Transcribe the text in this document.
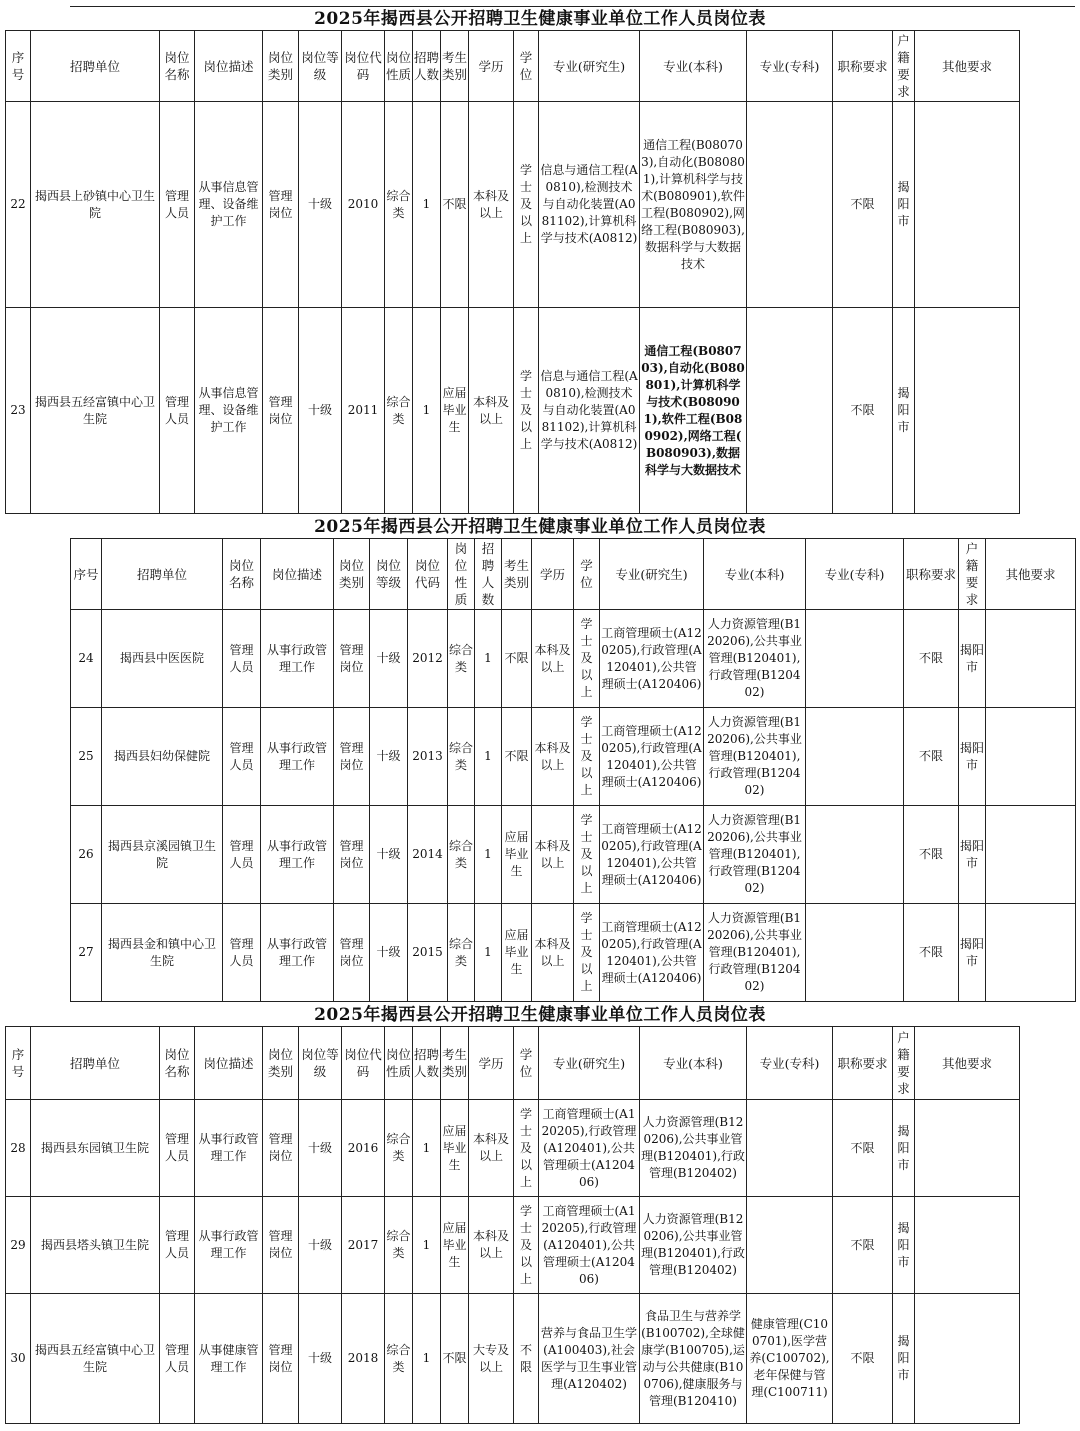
2025年揭西县公开招聘卫生健康事业单位工作人员岗位表
序号	招聘单位	岗位名称	岗位描述	岗位类别	岗位等级	岗位代码	岗位性质	招聘人数	考生类别	学历	学位	专业(研究生)	专业(本科)	专业(专科)	职称要求	户籍要求	其他要求
22	揭西县上砂镇中心卫生院	管理人员	从事信息管理、设备维护工作	管理岗位	十级	2010	综合类	1	不限	本科及以上	学士及以上	信息与通信工程(A0810),检测技术与自动化装置(A081102),计算机科学与技术(A0812)	通信工程(B080703),自动化(B080801),计算机科学与技术(B080901),软件工程(B080902),网络工程(B080903),数据科学与大数据技术		不限	揭阳市	
23	揭西县五经富镇中心卫生院	管理人员	从事信息管理、设备维护工作	管理岗位	十级	2011	综合类	1	应届毕业生	本科及以上	学士及以上	信息与通信工程(A0810),检测技术与自动化装置(A081102),计算机科学与技术(A0812)	通信工程(B080703),自动化(B080801),计算机科学与技术(B080901),软件工程(B080902),网络工程( B080903),数据科学与大数据技术		不限	揭阳市	
2025年揭西县公开招聘卫生健康事业单位工作人员岗位表
序号	招聘单位	岗位名称	岗位描述	岗位类别	岗位等级	岗位代码	岗位性质	招聘人数	考生类别	学历	学位	专业(研究生)	专业(本科)	专业(专科)	职称要求	户籍要求	其他要求
24	揭西县中医医院	管理人员	从事行政管理工作	管理岗位	十级	2012	综合类	1	不限	本科及以上	学士及以上	工商管理硕士(A120205),行政管理(A120401),公共管理硕士(A120406)	人力资源管理(B120206),公共事业管理(B120401),行政管理(B120402)		不限	揭阳市	
25	揭西县妇幼保健院	管理人员	从事行政管理工作	管理岗位	十级	2013	综合类	1	不限	本科及以上	学士及以上	工商管理硕士(A120205),行政管理(A120401),公共管理硕士(A120406)	人力资源管理(B120206),公共事业管理(B120401),行政管理(B120402)		不限	揭阳市	
26	揭西县京溪园镇卫生院	管理人员	从事行政管理工作	管理岗位	十级	2014	综合类	1	应届毕业生	本科及以上	学士及以上	工商管理硕士(A120205),行政管理(A120401),公共管理硕士(A120406)	人力资源管理(B120206),公共事业管理(B120401),行政管理(B120402)		不限	揭阳市	
27	揭西县金和镇中心卫生院	管理人员	从事行政管理工作	管理岗位	十级	2015	综合类	1	应届毕业生	本科及以上	学士及以上	工商管理硕士(A120205),行政管理(A120401),公共管理硕士(A120406)	人力资源管理(B120206),公共事业管理(B120401),行政管理(B120402)		不限	揭阳市	
2025年揭西县公开招聘卫生健康事业单位工作人员岗位表
序号	招聘单位	岗位名称	岗位描述	岗位类别	岗位等级	岗位代码	岗位性质	招聘人数	考生类别	学历	学位	专业(研究生)	专业(本科)	专业(专科)	职称要求	户籍要求	其他要求
28	揭西县东园镇卫生院	管理人员	从事行政管理工作	管理岗位	十级	2016	综合类	1	应届毕业生	本科及以上	学士及以上	工商管理硕士(A120205),行政管理(A120401),公共管理硕士(A120406)	人力资源管理(B120206),公共事业管理(B120401),行政管理(B120402)		不限	揭阳市	
29	揭西县塔头镇卫生院	管理人员	从事行政管理工作	管理岗位	十级	2017	综合类	1	应届毕业生	本科及以上	学士及以上	工商管理硕士(A120205),行政管理(A120401),公共管理硕士(A120406)	人力资源管理(B120206),公共事业管理(B120401),行政管理(B120402)		不限	揭阳市	
30	揭西县五经富镇中心卫生院	管理人员	从事健康管理工作	管理岗位	十级	2018	综合类	1	不限	大专及以上	不限	营养与食品卫生学(A100403),社会医学与卫生事业管理(A120402)	食品卫生与营养学(B100702),全球健康学(B100705),运动与公共健康(B100706),健康服务与管理(B120410)	健康管理(C100701),医学营养(C100702),老年保健与管理(C100711)	不限	揭阳市	
